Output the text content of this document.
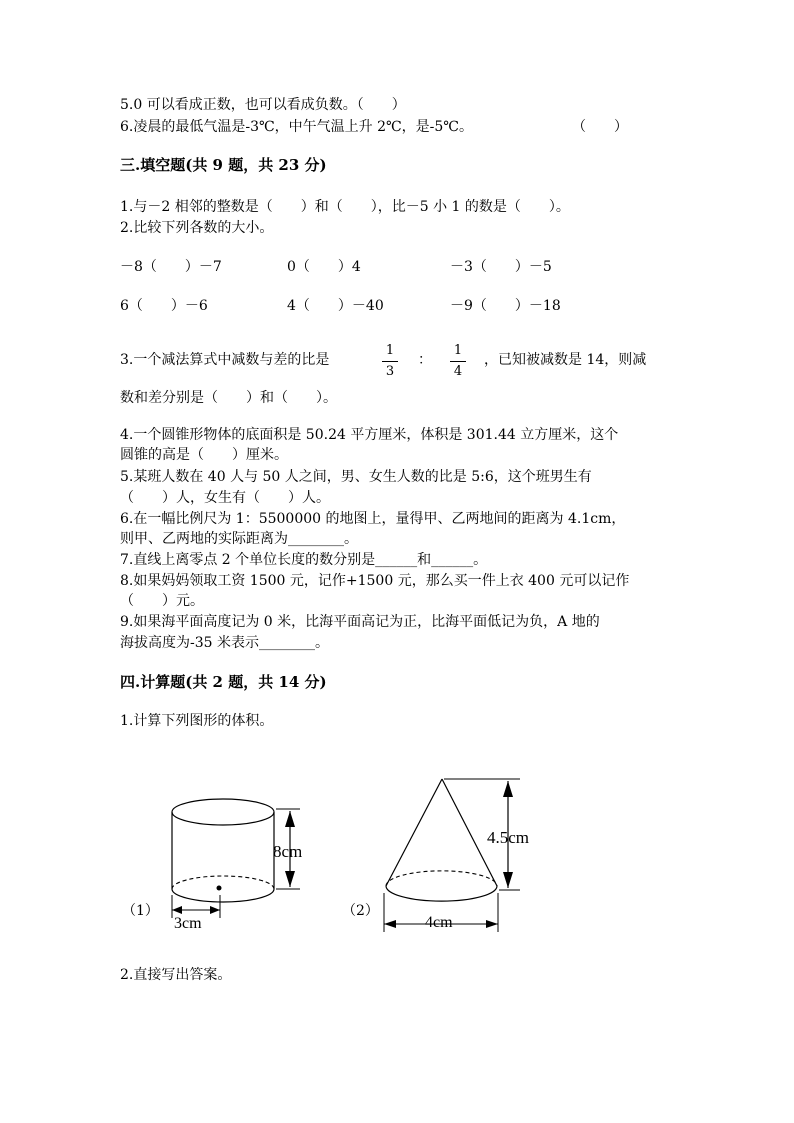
5.0 可以看成正数，也可以看成负数。（　　）
6.凌晨的最低气温是-3℃，中午气温上升 2℃，是-5℃。	（　　）
三.填空题(共 9 题，共 23 分)
1.与－2 相邻的整数是（　　）和（　　），比－5 小 1 的数是（　　）。
2.比较下列各数的大小。
－8（　　）－7	0（　　）4	－3（　　）－5
6（　　）－6	4（　　）－40	－9（　　）－18
3.一个减法算式中减数与差的比是
1
3
：
1
4
，已知被减数是 14，则减
数和差分别是（　　）和（　　）。
4.一个圆锥形物体的底面积是 50.24 平方厘米，体积是 301.44 立方厘米，这个
圆锥的高是（　　）厘米。
5.某班人数在 40 人与 50 人之间，男、女生人数的比是 5:6，这个班男生有
（　　）人，女生有（　　）人。
6.在一幅比例尺为 1：5500000 的地图上，量得甲、乙两地间的距离为 4.1cm，
则甲、乙两地的实际距离为________。
7.直线上离零点 2 个单位长度的数分别是______和______。
8.如果妈妈领取工资 1500 元，记作+1500 元，那么买一件上衣 400 元可以记作
（　　）元。
9.如果海平面高度记为 0 米，比海平面高记为正，比海平面低记为负，A 地的
海拔高度为-35 米表示________。
四.计算题(共 2 题，共 14 分)
1.计算下列图形的体积。
8cm
3cm
（1）
4.5cm
4cm
（2）
2.直接写出答案。
